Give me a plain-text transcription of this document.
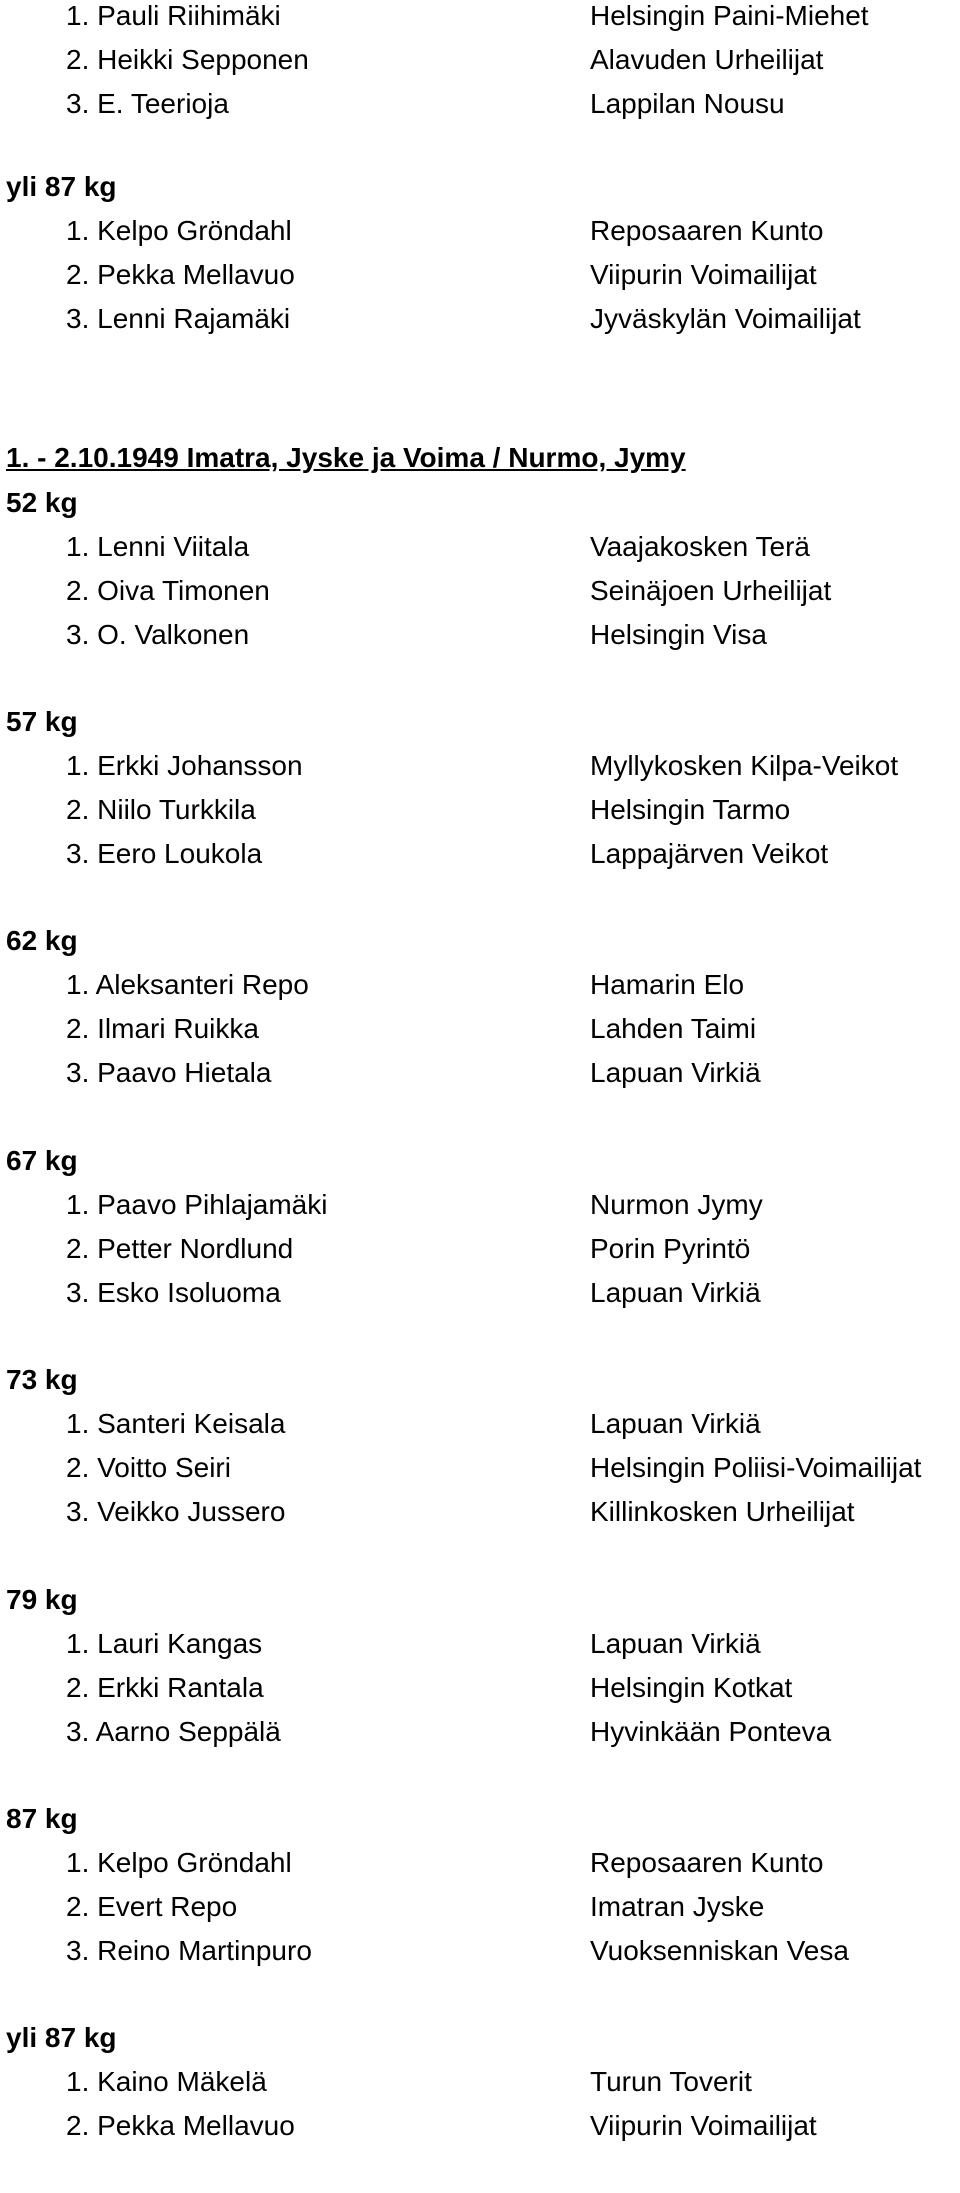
1. Pauli Riihimäki	Helsingin Paini-Miehet
2. Heikki Sepponen	Alavuden Urheilijat
3. E. Teerioja	Lappilan Nousu
yli 87 kg
1. Kelpo Gröndahl	Reposaaren Kunto
2. Pekka Mellavuo	Viipurin Voimailijat
3. Lenni Rajamäki	Jyväskylän Voimailijat
1. - 2.10.1949 Imatra, Jyske ja Voima / Nurmo, Jymy
52 kg
1. Lenni Viitala	Vaajakosken Terä
2. Oiva Timonen	Seinäjoen Urheilijat
3. O. Valkonen	Helsingin Visa
57 kg
1. Erkki Johansson	Myllykosken Kilpa-Veikot
2. Niilo Turkkila	Helsingin Tarmo
3. Eero Loukola	Lappajärven Veikot
62 kg
1. Aleksanteri Repo	Hamarin Elo
2. Ilmari Ruikka	Lahden Taimi
3. Paavo Hietala	Lapuan Virkiä
67 kg
1. Paavo Pihlajamäki	Nurmon Jymy
2. Petter Nordlund	Porin Pyrintö
3. Esko Isoluoma	Lapuan Virkiä
73 kg
1. Santeri Keisala	Lapuan Virkiä
2. Voitto Seiri	Helsingin Poliisi-Voimailijat
3. Veikko Jussero	Killinkosken Urheilijat
79 kg
1. Lauri Kangas	Lapuan Virkiä
2. Erkki Rantala	Helsingin Kotkat
3. Aarno Seppälä	Hyvinkään Ponteva
87 kg
1. Kelpo Gröndahl	Reposaaren Kunto
2. Evert Repo	Imatran Jyske
3. Reino Martinpuro	Vuoksenniskan Vesa
yli 87 kg
1. Kaino Mäkelä	Turun Toverit
2. Pekka Mellavuo	Viipurin Voimailijat
